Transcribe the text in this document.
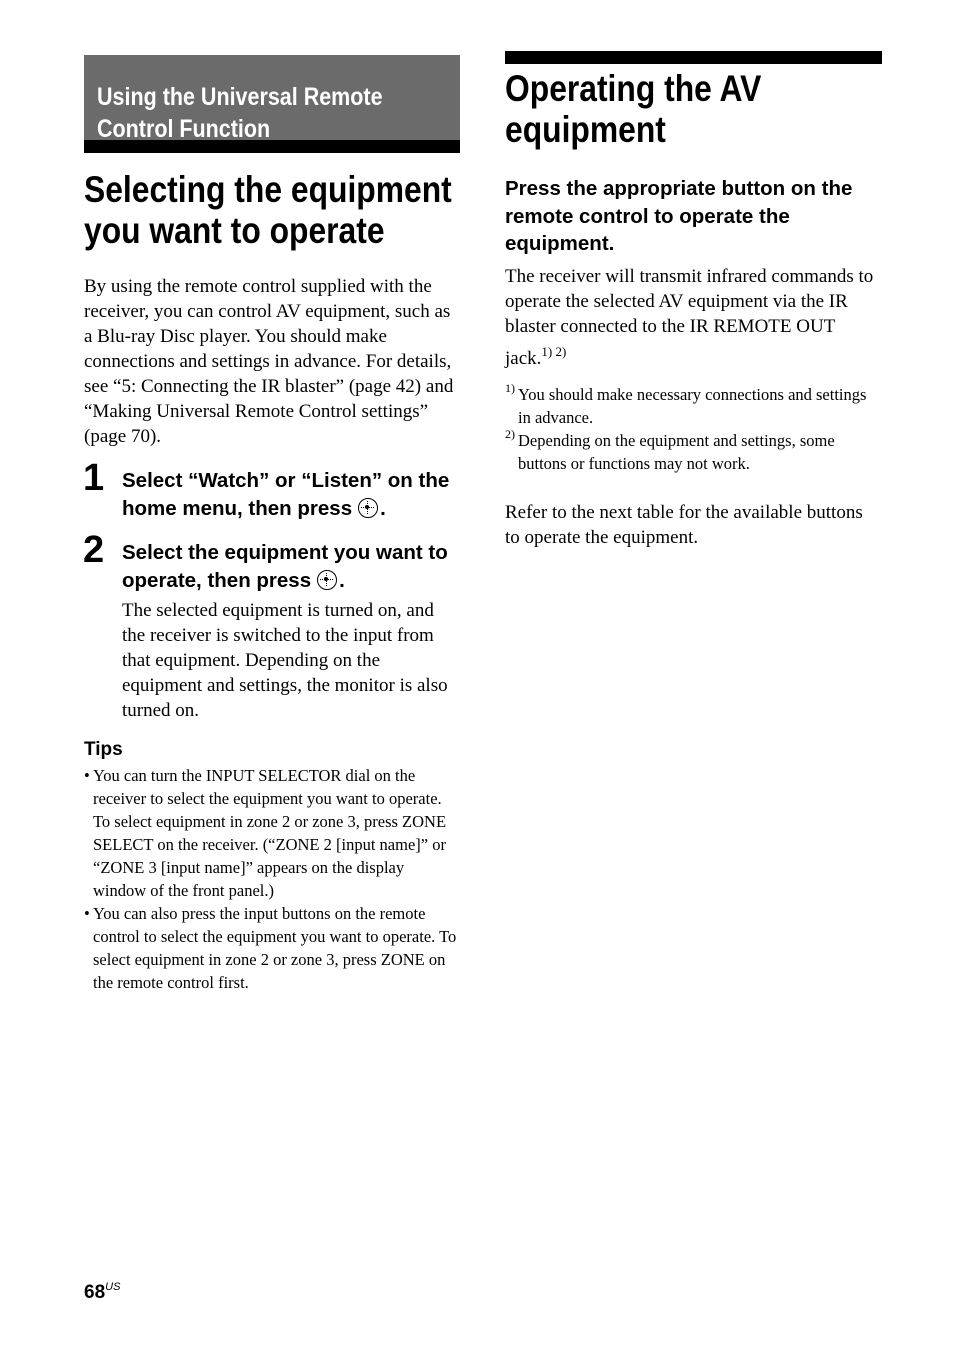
Using the Universal Remote
Control Function
Selecting the equipment
you want to operate

By using the remote control supplied with the receiver, you can control AV equipment, such as a Blu-ray Disc player. You should make connections and settings in advance. For details, see “5: Connecting the IR blaster” (page 42) and “Making Universal Remote Control settings” (page 70).

1 Select “Watch” or “Listen” on the home menu, then press .
2 Select the equipment you want to operate, then press .

The selected equipment is turned on, and the receiver is switched to the input from that equipment. Depending on the equipment and settings, the monitor is also turned on.

Tips

• You can turn the INPUT SELECTOR dial on the receiver to select the equipment you want to operate. To select equipment in zone 2 or zone 3, press ZONE SELECT on the receiver. (“ZONE 2 [input name]” or “ZONE 3 [input name]” appears on the display window of the front panel.)
• You can also press the input buttons on the remote control to select the equipment you want to operate. To select equipment in zone 2 or zone 3, press ZONE on the remote control first.
Operating the AV
equipment

Press the appropriate button on the remote control to operate the equipment.

The receiver will transmit infrared commands to operate the selected AV equipment via the IR blaster connected to the IR REMOTE OUT jack.$^{1) 2)}$

1) You should make necessary connections and settings in advance.
2) Depending on the equipment and settings, some buttons or functions may not work.

Refer to the next table for the available buttons to operate the equipment.

$68^{US}$
